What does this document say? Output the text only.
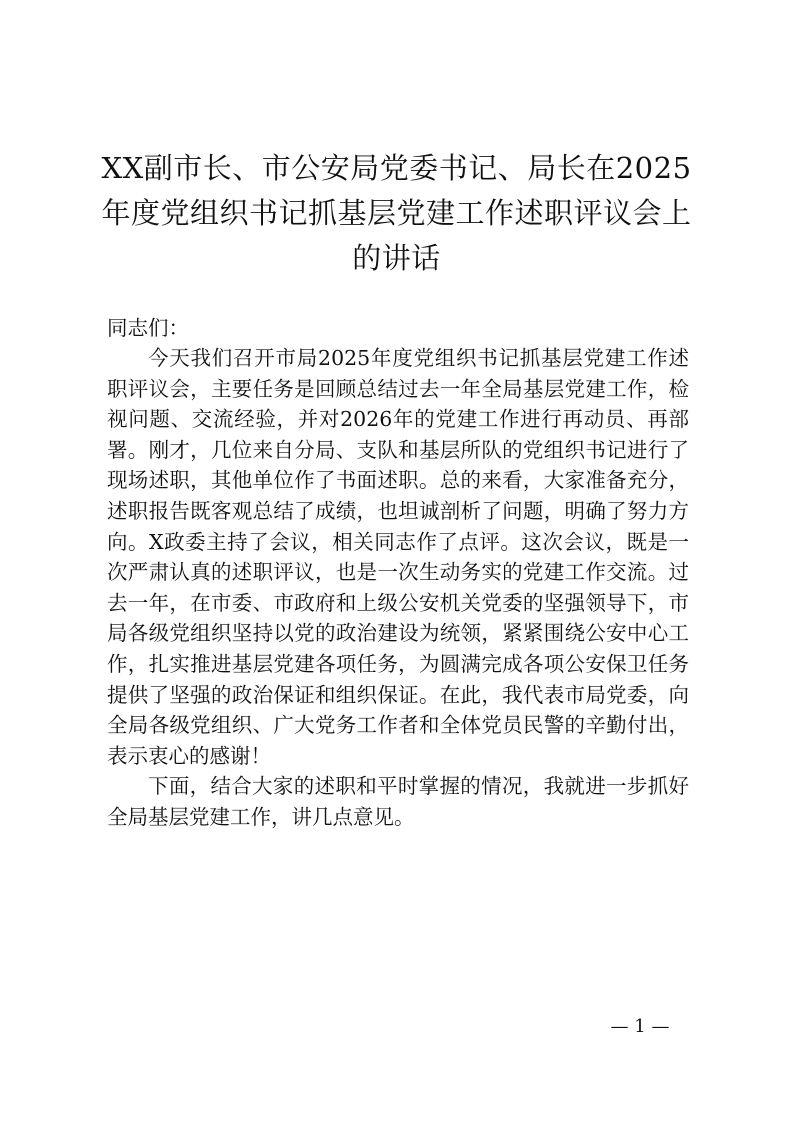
XX副市长、市公安局党委书记、局长在2025年度党组织书记抓基层党建工作述职评议会上的讲话

同志们：

今天我们召开市局2025年度党组织书记抓基层党建工作述职评议会，主要任务是回顾总结过去一年全局基层党建工作，检视问题、交流经验，并对2026年的党建工作进行再动员、再部署。刚才，几位来自分局、支队和基层所队的党组织书记进行了现场述职，其他单位作了书面述职。总的来看，大家准备充分，述职报告既客观总结了成绩，也坦诚剖析了问题，明确了努力方向。X政委主持了会议，相关同志作了点评。这次会议，既是一次严肃认真的述职评议，也是一次生动务实的党建工作交流。过去一年，在市委、市政府和上级公安机关党委的坚强领导下，市局各级党组织坚持以党的政治建设为统领，紧紧围绕公安中心工作，扎实推进基层党建各项任务，为圆满完成各项公安保卫任务提供了坚强的政治保证和组织保证。在此，我代表市局党委，向全局各级党组织、广大党务工作者和全体党员民警的辛勤付出，表示衷心的感谢！

下面，结合大家的述职和平时掌握的情况，我就进一步抓好全局基层党建工作，讲几点意见。

— 1 —
